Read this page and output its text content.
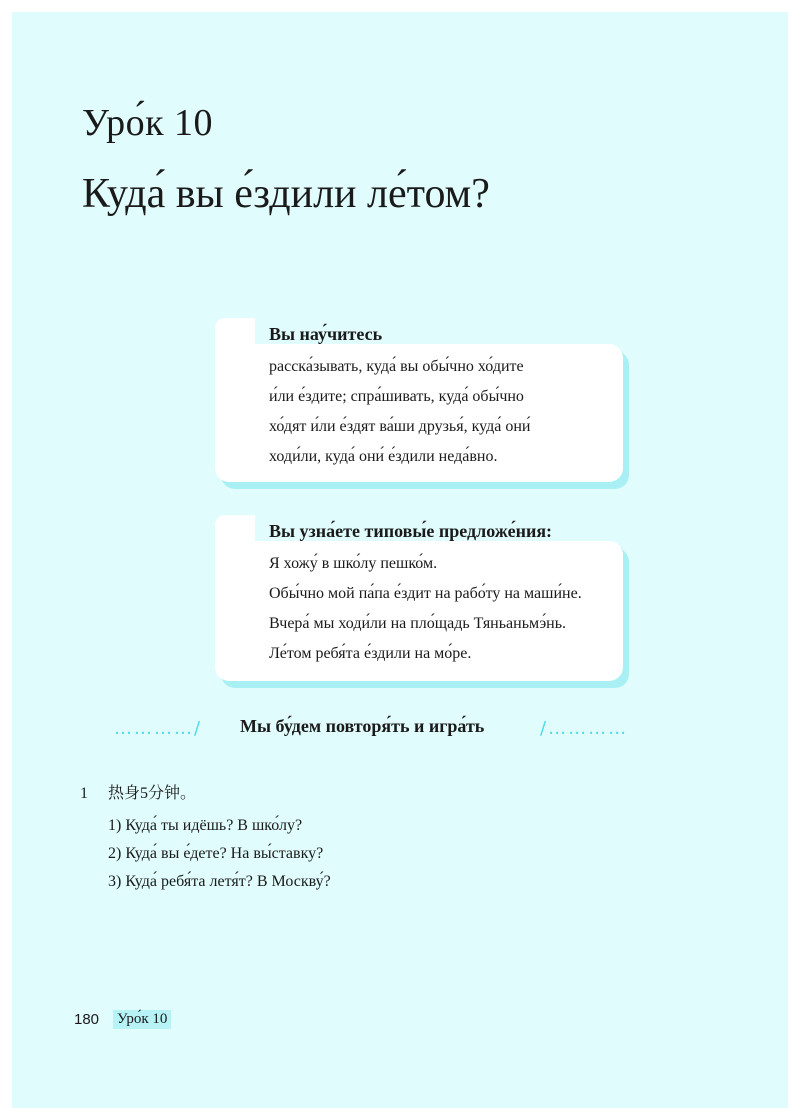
Уро́к 10
Куда́ вы е́здили ле́том?
расска́зывать, куда́ вы обы́чно хо́дите
и́ли е́здите; спра́шивать, куда́ обы́чно
хо́дят и́ли е́здят ва́ши друзья́, куда́ они́
ходи́ли, куда́ они́ е́здили неда́вно.
Вы нау́читесь
Я хожу́ в шко́лу пешко́м.
Обы́чно мой па́па е́здит на рабо́ту на маши́не.
Вчера́ мы ходи́ли на пло́щадь Тяньаньмэ́нь.
Ле́том ребя́та е́здили на мо́ре.
Вы узна́ете типовы́е предложе́ния:
…………/ Мы бу́дем повторя́ть и игра́ть	/…………
1 热身5分钟。
1) Куда́ ты идёшь? В шко́лу?
2) Куда́ вы е́дете? На вы́ставку?
3) Куда́ ребя́та летя́т? В Москву́?
180 Уро́к 10
